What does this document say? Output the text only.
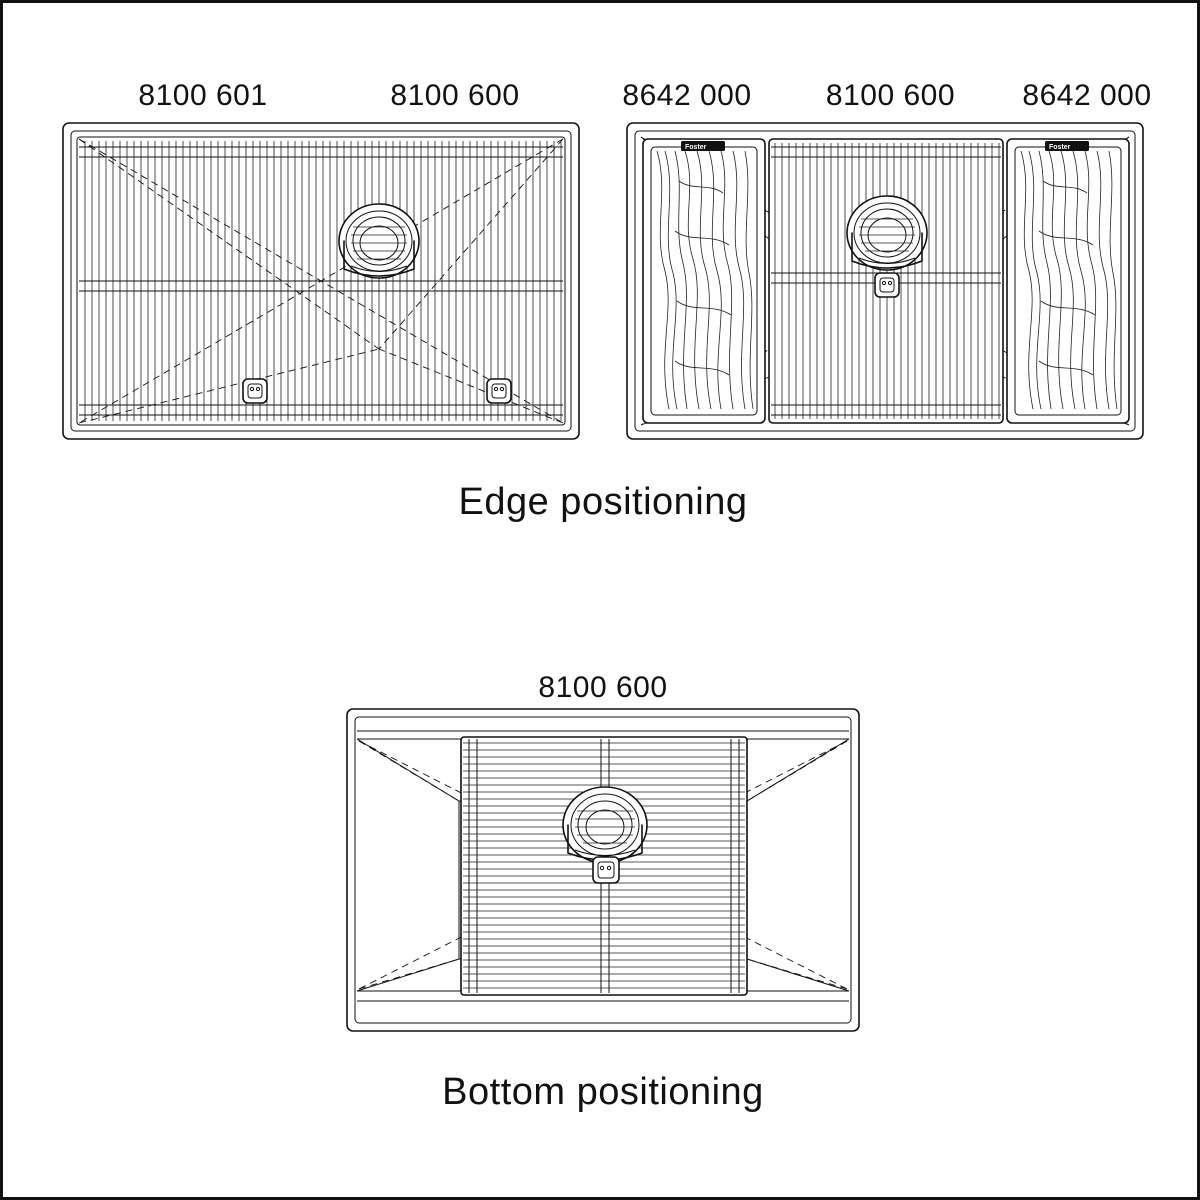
8100 601	8100 600	8642 000	8100 600	8642 000
Foster	Foster
Edge positioning
8100 600
Bottom positioning
